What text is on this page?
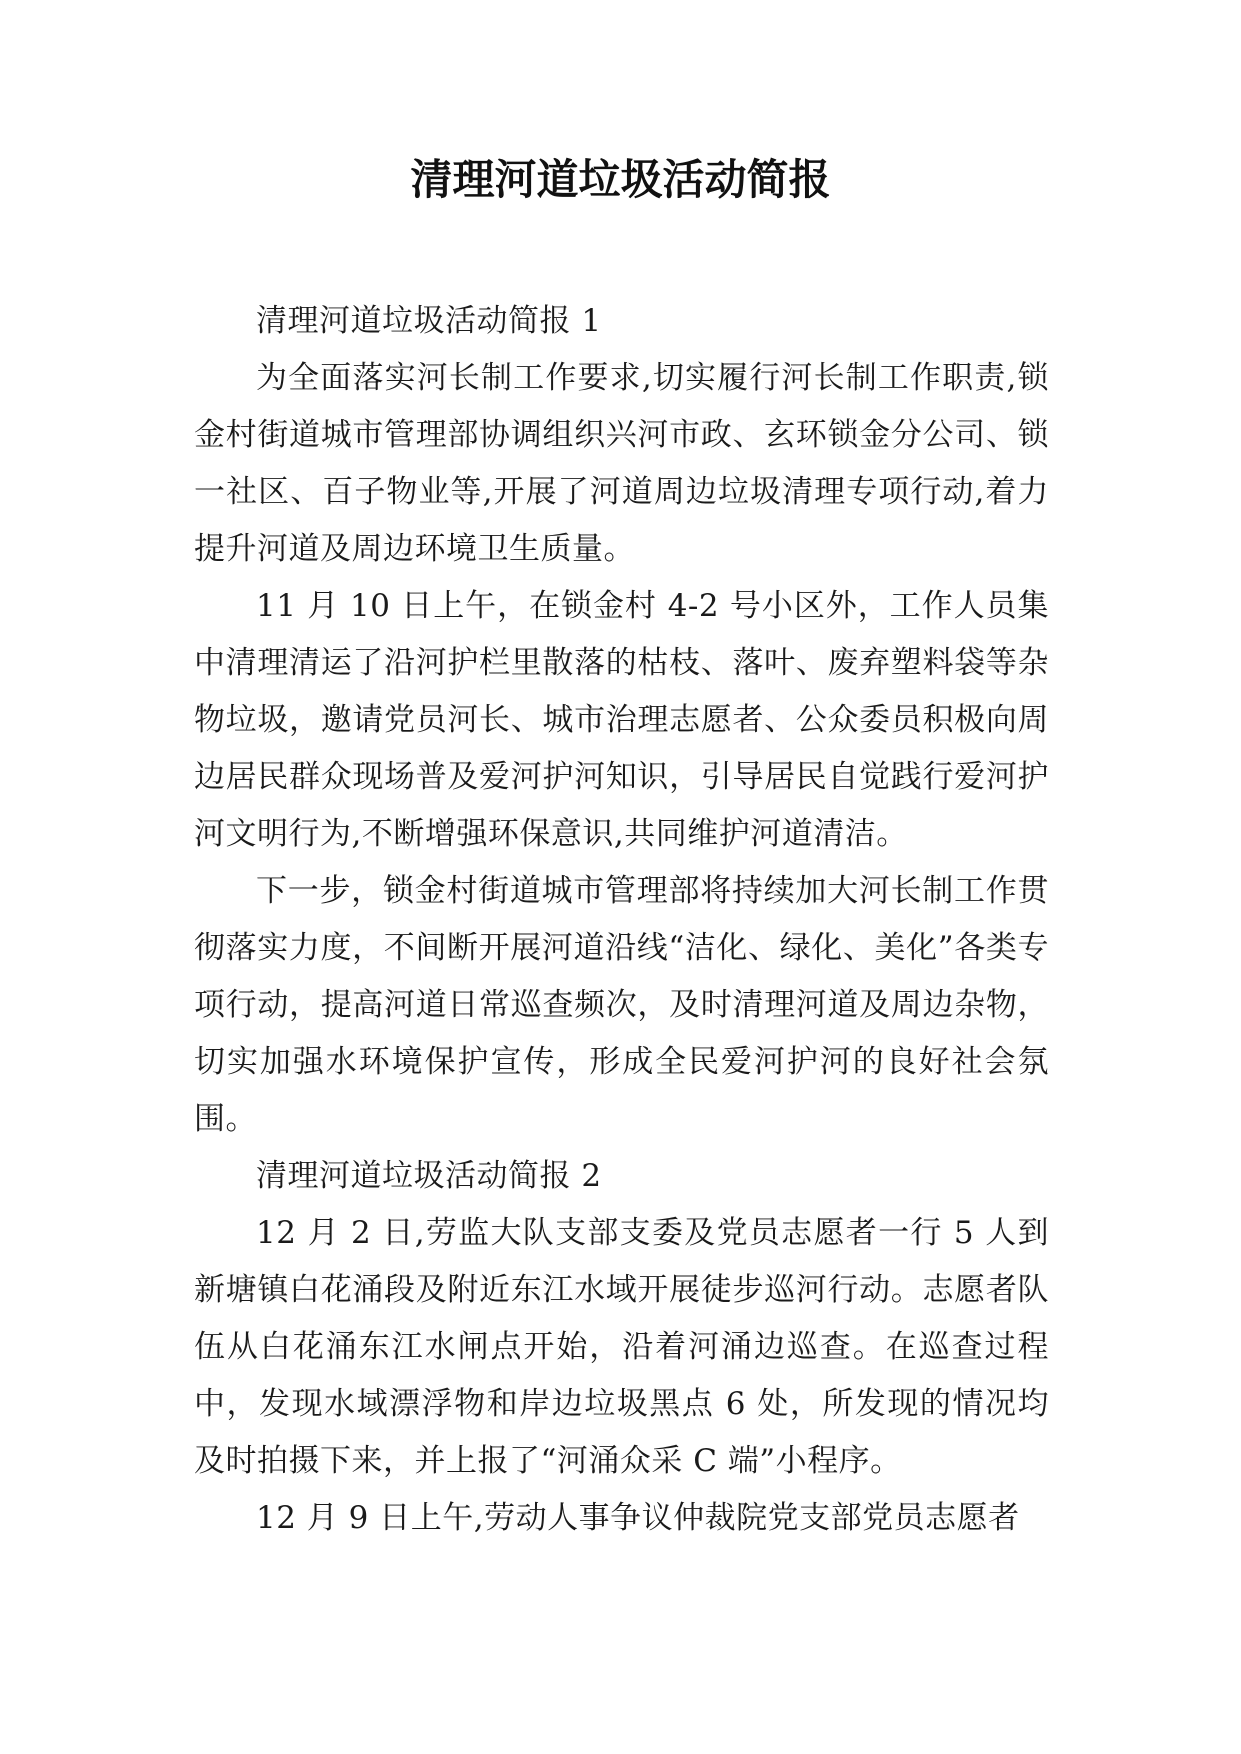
清理河道垃圾活动简报

清理河道垃圾活动简报 1

为全面落实河长制工作要求,切实履行河长制工作职责,锁金村街道城市管理部协调组织兴河市政、玄环锁金分公司、锁一社区、百子物业等,开展了河道周边垃圾清理专项行动,着力提升河道及周边环境卫生质量。

11 月 10 日上午，在锁金村 4-2 号小区外，工作人员集中清理清运了沿河护栏里散落的枯枝、落叶、废弃塑料袋等杂物垃圾，邀请党员河长、城市治理志愿者、公众委员积极向周边居民群众现场普及爱河护河知识，引导居民自觉践行爱河护河文明行为,不断增强环保意识,共同维护河道清洁。

下一步，锁金村街道城市管理部将持续加大河长制工作贯彻落实力度，不间断开展河道沿线“洁化、绿化、美化”各类专项行动，提高河道日常巡查频次，及时清理河道及周边杂物，切实加强水环境保护宣传，形成全民爱河护河的良好社会氛围。

清理河道垃圾活动简报 2

12 月 2 日,劳监大队支部支委及党员志愿者一行 5 人到新塘镇白花涌段及附近东江水域开展徒步巡河行动。志愿者队伍从白花涌东江水闸点开始，沿着河涌边巡查。在巡查过程中，发现水域漂浮物和岸边垃圾黑点 6 处，所发现的情况均及时拍摄下来，并上报了“河涌众采 C 端”小程序。

12 月 9 日上午,劳动人事争议仲裁院党支部党员志愿者
